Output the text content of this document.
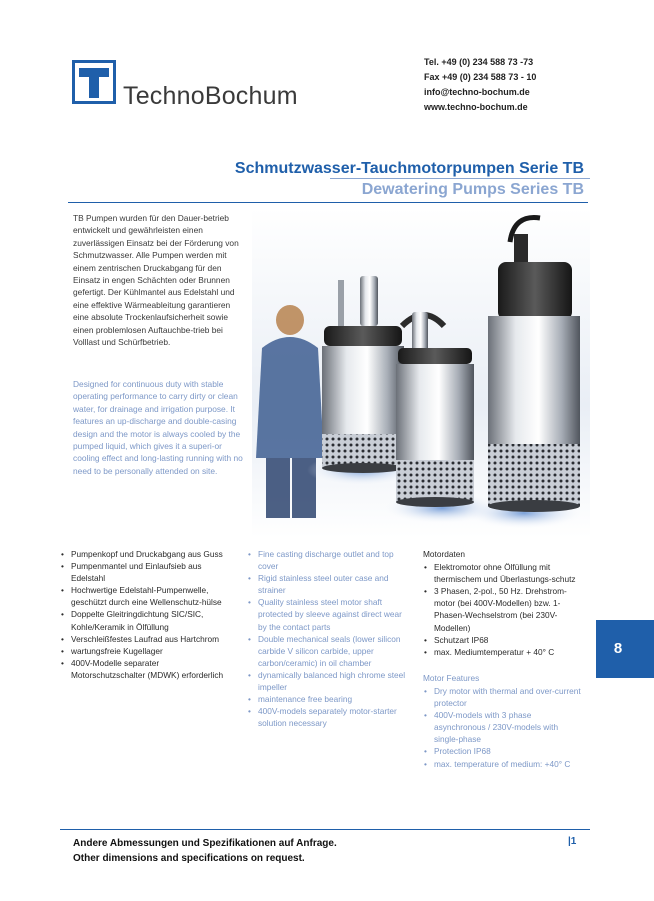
TechnoBochum
Tel. +49 (0) 234 588 73 -73
Fax +49 (0) 234 588 73 - 10
info@techno-bochum.de
www.techno-bochum.de
Schmutzwasser-Tauchmotorpumpen Serie TB
Dewatering Pumps Series TB
TB Pumpen wurden für den Dauer-betrieb entwickelt und gewährleisten einen zuverlässigen Einsatz bei der Förderung von Schmutzwasser. Alle Pumpen werden mit einem zentrischen Druckabgang für den Einsatz in engen Schächten oder Brunnen gefertigt. Der Kühlmantel aus Edelstahl und eine effektive Wärmeableitung garantieren eine absolute Trockenlaufsicherheit sowie einen problemlosen Auftauchbe-trieb bei Volllast und Schürfbetrieb.
Designed for continuous duty with stable operating performance to carry dirty or clean water, for drainage and irrigation purpose. It features an up-discharge and double-casing design and the motor is always cooled by the pumped liquid, which gives it a superi-or cooling effect and long-lasting running with no need to be personally attended on site.
• Pumpenkopf und Druckabgang aus Guss
• Pumpenmantel und Einlaufsieb aus Edelstahl
• Hochwertige Edelstahl-Pumpenwelle, geschützt durch eine Wellenschutz-hülse
• Doppelte Gleitringdichtung SIC/SIC, Kohle/Keramik in Ölfüllung
• Verschleißfestes Laufrad aus Hartchrom
• wartungsfreie Kugellager
• 400V-Modelle separater Motorschutzschalter (MDWK) erforderlich
• Fine casting discharge outlet and top cover
• Rigid stainless steel outer case and strainer
• Quality stainless steel motor shaft protected by sleeve against direct wear by the contact parts
• Double mechanical seals (lower silicon carbide V silicon carbide, upper carbon/ceramic) in oil chamber
• dynamically balanced high chrome steel impeller
• maintenance free bearing
• 400V-models separately motor-starter solution necessary
Motordaten
• Elektromotor ohne Ölfüllung mit thermischem und Überlastungs-schutz
• 3 Phasen, 2-pol., 50 Hz. Drehstrom-motor (bei 400V-Modellen) bzw. 1-Phasen-Wechselstrom (bei 230V-Modellen)
• Schutzart IP68
• max. Mediumtemperatur + 40° C
Motor Features
• Dry motor with thermal and over-current protector
• 400V-models with 3 phase asynchronous / 230V-models with single-phase
• Protection IP68
• max. temperature of medium: +40° C
8
Andere Abmessungen und Spezifikationen auf Anfrage.
Other dimensions and specifications on request.
|1
